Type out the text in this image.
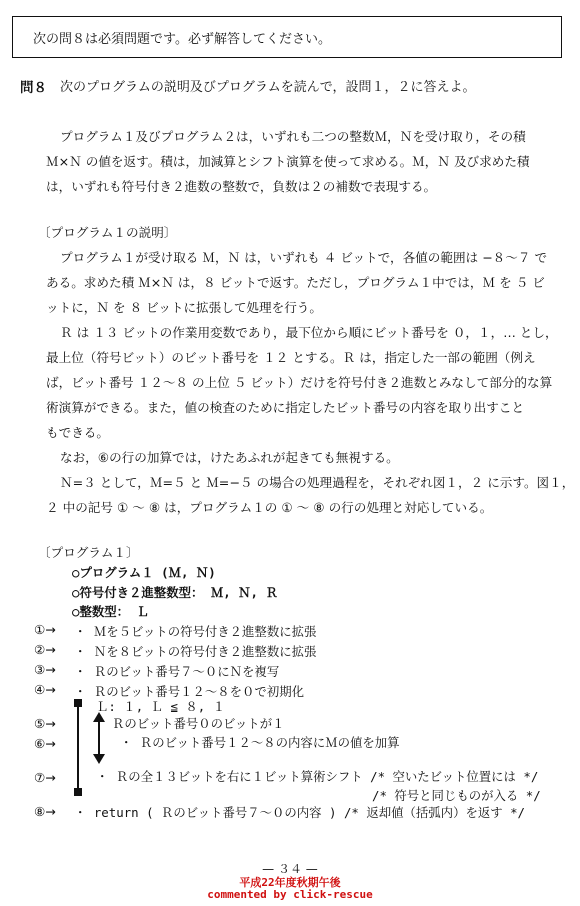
次の問８は必須問題です。必ず解答してください。
問８ 次のプログラムの説明及びプログラムを読んで，設問１，２に答えよ。
プログラム１及びプログラム２は，いずれも二つの整数Ｍ，Ｎを受け取り，その積
Ｍ×Ｎ の値を返す。積は，加減算とシフト演算を使って求める。Ｍ，Ｎ 及び求めた積
は，いずれも符号付き２進数の整数で，負数は２の補数で表現する。
〔プログラム１の説明〕
プログラム１が受け取る Ｍ，Ｎ は，いずれも ４ ビットで，各値の範囲は −８〜７ で
ある。求めた積 Ｍ×Ｎ は，８ ビットで返す。ただし，プログラム１中では，Ｍ を ５ ビ
ットに，Ｎ を ８ ビットに拡張して処理を行う。
Ｒ は １３ ビットの作業用変数であり，最下位から順にビット番号を ０，１，… とし，
最上位（符号ビット）のビット番号を １２ とする。Ｒ は，指定した一部の範囲（例え
ば，ビット番号 １２〜８ の上位 ５ ビット）だけを符号付き２進数とみなして部分的な算
術演算ができる。また，値の検査のために指定したビット番号の内容を取り出すこと
もできる。
なお，⑥の行の加算では，けたあふれが起きても無視する。
Ｎ=３ として，Ｍ=５ と Ｍ=−５ の場合の処理過程を，それぞれ図１，２ に示す。図１，
２ 中の記号 ① 〜 ⑧ は，プログラム１の ① 〜 ⑧ の行の処理と対応している。
〔プログラム１〕
○プログラム１ (Ｍ, Ｎ)
○符号付き２進整数型： Ｍ, Ｎ, Ｒ
○整数型： Ｌ
①→
②→
③→
④→
⑤→
⑥→
⑦→
⑧→
・ Ｍを５ビットの符号付き２進整数に拡張
・ Ｎを８ビットの符号付き２進整数に拡張
・ Ｒのビット番号７〜０にＮを複写
・ Ｒのビット番号１２〜８を０で初期化
Ｌ: １, Ｌ ≦ ８, １
Ｒのビット番号０のビットが１
・ Ｒのビット番号１２〜８の内容にＭの値を加算
・ Ｒの全１３ビットを右に１ビット算術シフト /* 空いたビット位置には */
/* 符号と同じものが入る */
・ return ( Ｒのビット番号７〜０の内容 ) /* 返却値（括弧内）を返す */
— ３４ —
平成22年度秋期午後
commented by click-rescue
